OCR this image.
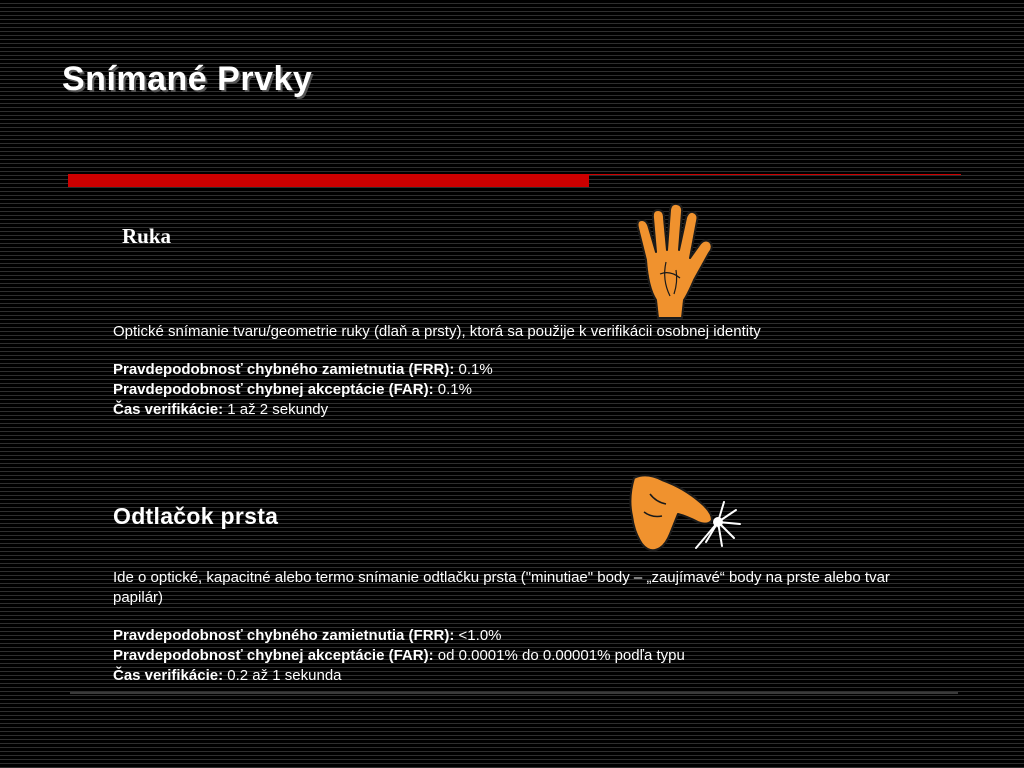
Snímané Prvky
Ruka
Optické snímanie tvaru/geometrie ruky (dlaň a prsty), ktorá sa použije k verifikácii osobnej identity
Pravdepodobnosť chybného zamietnutia (FRR): 0.1%
Pravdepodobnosť chybnej akceptácie (FAR): 0.1%
Čas verifikácie: 1 až 2 sekundy
Odtlačok prsta
Ide o optické, kapacitné alebo termo snímanie odtlačku prsta ("minutiae" body – „zaujímavé“ body na prste alebo tvar papilár)
Pravdepodobnosť chybného zamietnutia (FRR): <1.0%
Pravdepodobnosť chybnej akceptácie (FAR): od 0.0001% do 0.00001% podľa typu
Čas verifikácie: 0.2 až 1 sekunda
